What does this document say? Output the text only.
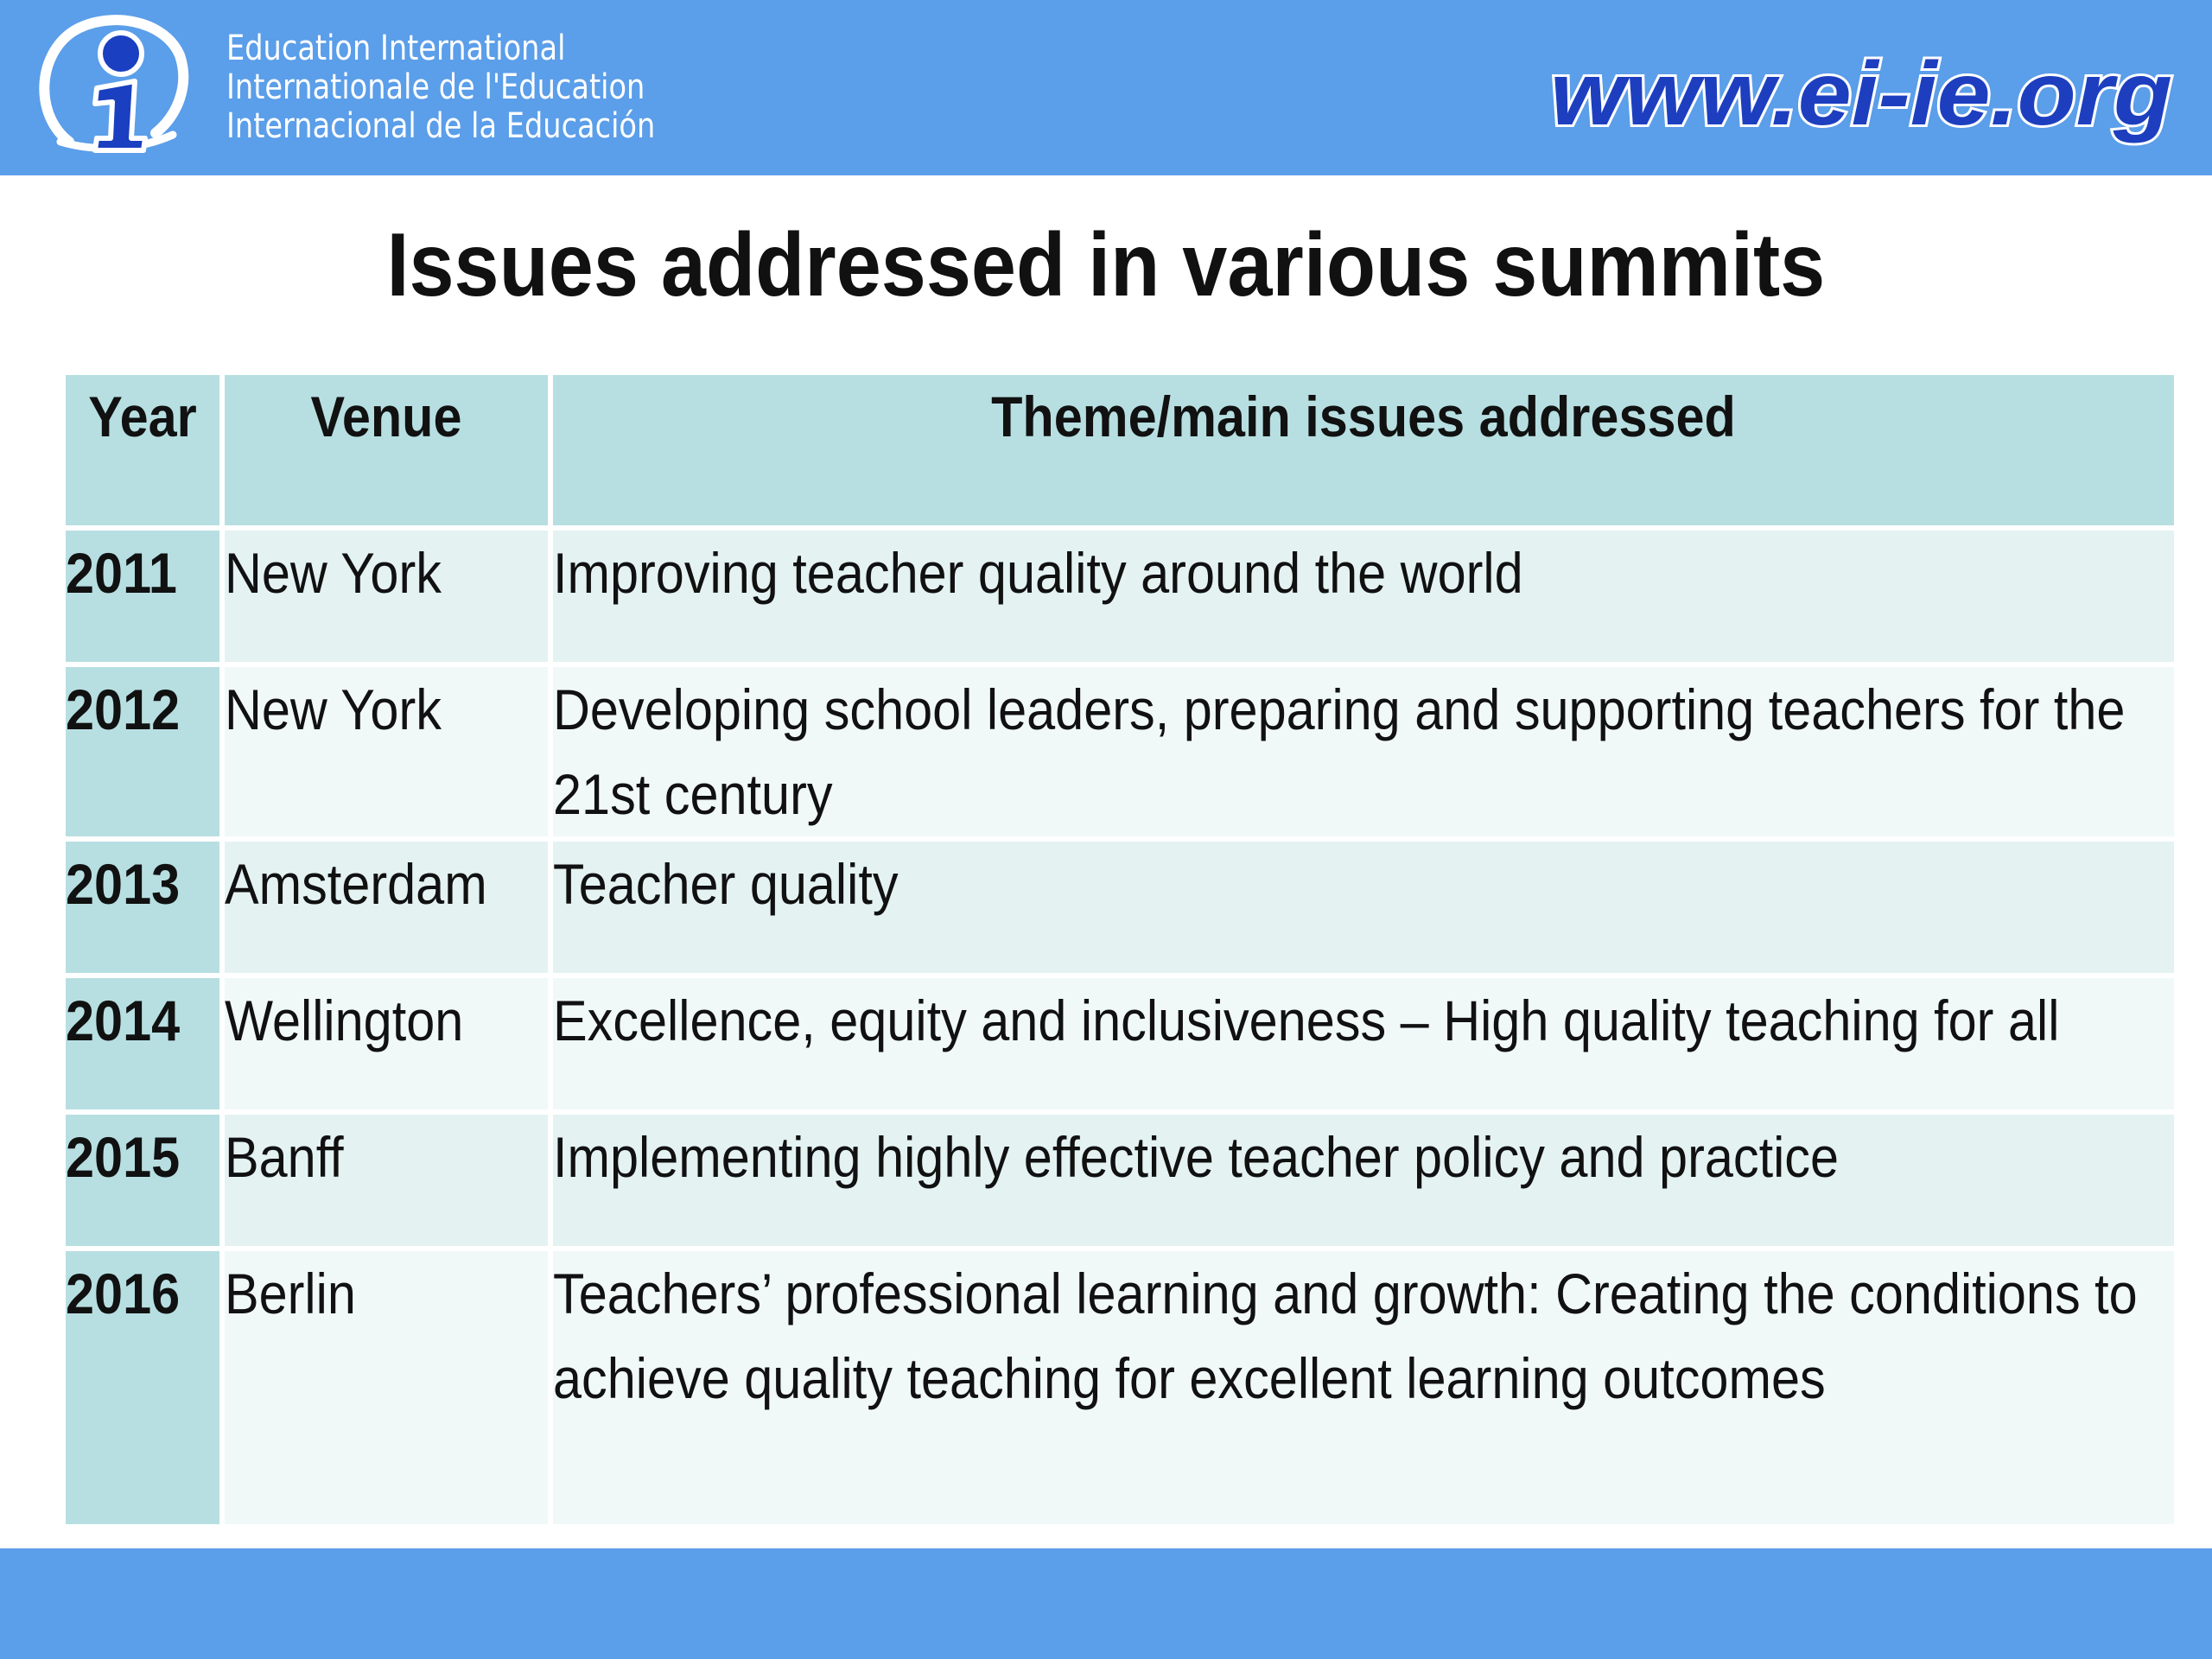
Education International
Internationale de l'Education
Internacional de la Educación	www.ei-ie.org
Issues addressed in various summits
Year	Venue	Theme/main issues addressed

2011	New York	Improving teacher quality around the world

2012	New York	Developing school leaders, preparing and supporting teachers for the 21st century

2013	Amsterdam	Teacher quality

2014	Wellington	Excellence, equity and inclusiveness – High quality teaching for all

2015	Banff	Implementing highly effective teacher policy and practice

2016	Berlin	Teachers’ professional learning and growth: Creating the conditions to achieve quality teaching for excellent learning outcomes
